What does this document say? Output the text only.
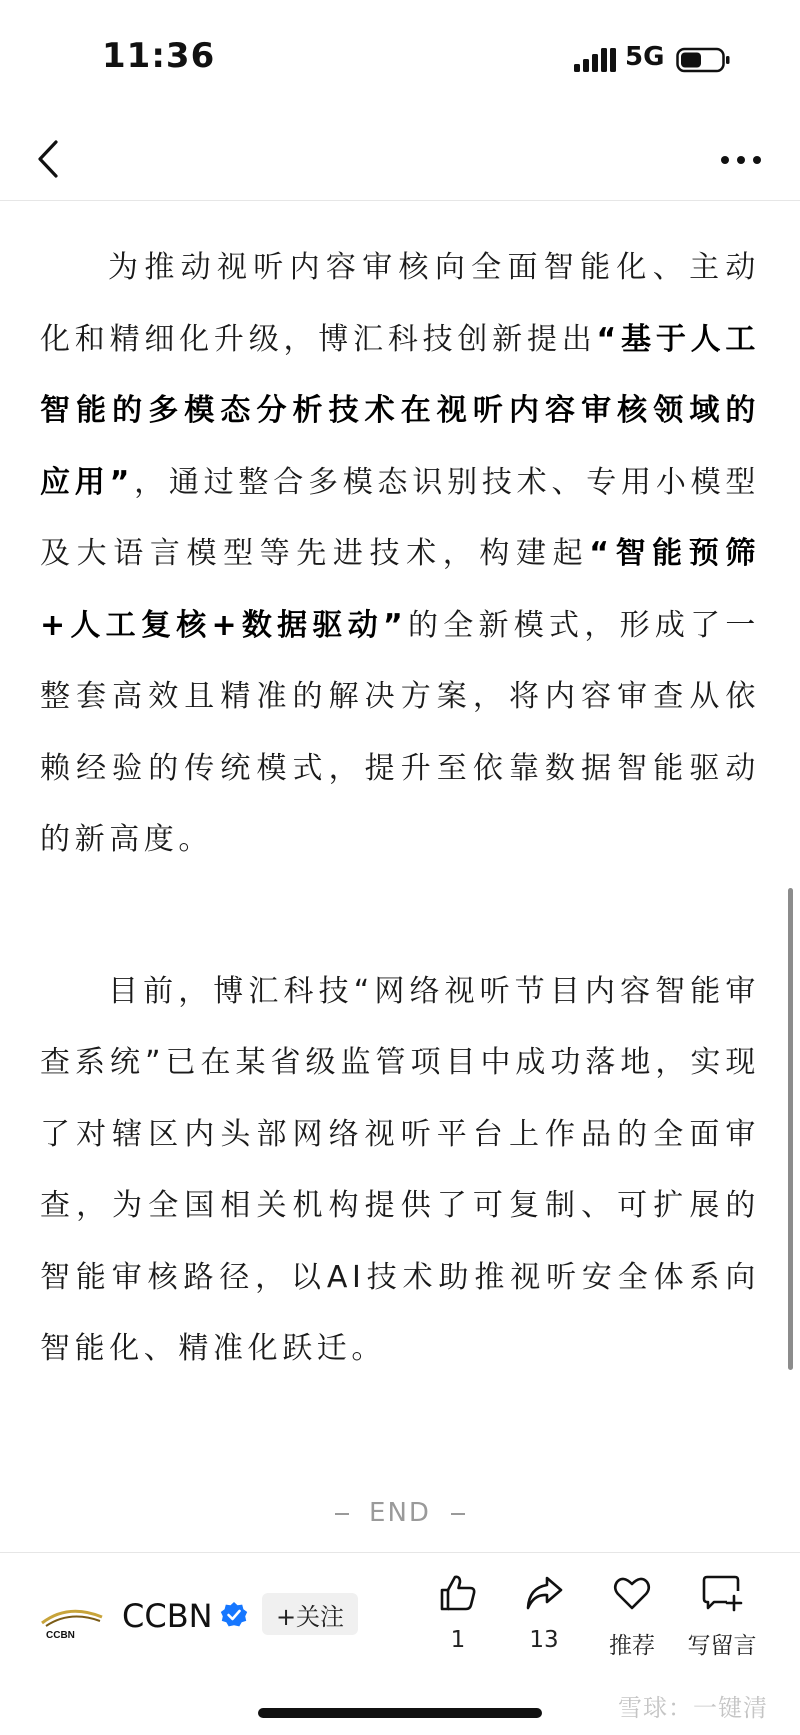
11:36	5G

为推动视听内容审核向全面智能化、主动化和精细化升级，博汇科技创新提出“基于人工智能的多模态分析技术在视听内容审核领域的应用”，通过整合多模态识别技术、专用小模型及大语言模型等先进技术，构建起“智能预筛+人工复核+数据驱动”的全新模式，形成了一整套高效且精准的解决方案，将内容审查从依赖经验的传统模式，提升至依靠数据智能驱动的新高度。

目前，博汇科技“网络视听节目内容智能审查系统”已在某省级监管项目中成功落地，实现了对辖区内头部网络视听平台上作品的全面审查，为全国相关机构提供了可复制、可扩展的智能审核路径，以AI技术助推视听安全体系向智能化、精准化跃迁。

END
CCBN
CCBN	+关注
1	13	推荐	写留言
雪球：一键清
